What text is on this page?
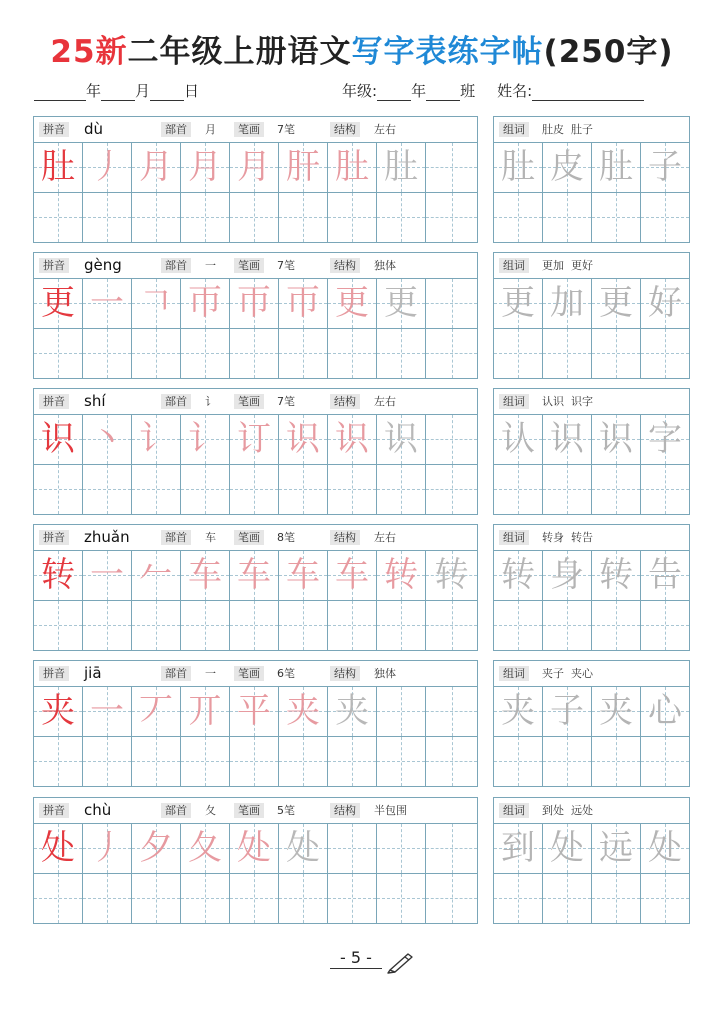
25新二年级上册语文写字表练字帖(250字)
年 月 日	年级: 年 班 姓名:
拼音 dù	部首	月	笔画	7笔	结构	左右
肚 丿 月 月 月 肝 肚 肚
组词	肚皮  肚子
肚 皮 肚 子
拼音 gèng	部首	一	笔画	7笔	结构	独体
更 一 𠃍 帀 帀 帀 更 更
组词	更加  更好
更 加 更 好
拼音 shí	部首	讠	笔画	7笔	结构	左右
识 丶 讠 讠 订 识 识 识
组词	认识  识字
认 识 识 字
拼音 zhuǎn	部首	车	笔画	8笔	结构	左右
转 一 𠂉 车 车 车 车 转 转
组词	转身  转告
转 身 转 告
拼音 jiā	部首	一	笔画	6笔	结构	独体
夹 一 丆 丌 平 夹 夹
组词	夹子  夹心
夹 子 夹 心
拼音 chù	部首	夂	笔画	5笔	结构	半包围
处 丿 夕 夂 处 处
组词	到处  远处
到 处 远 处
- 5 -
